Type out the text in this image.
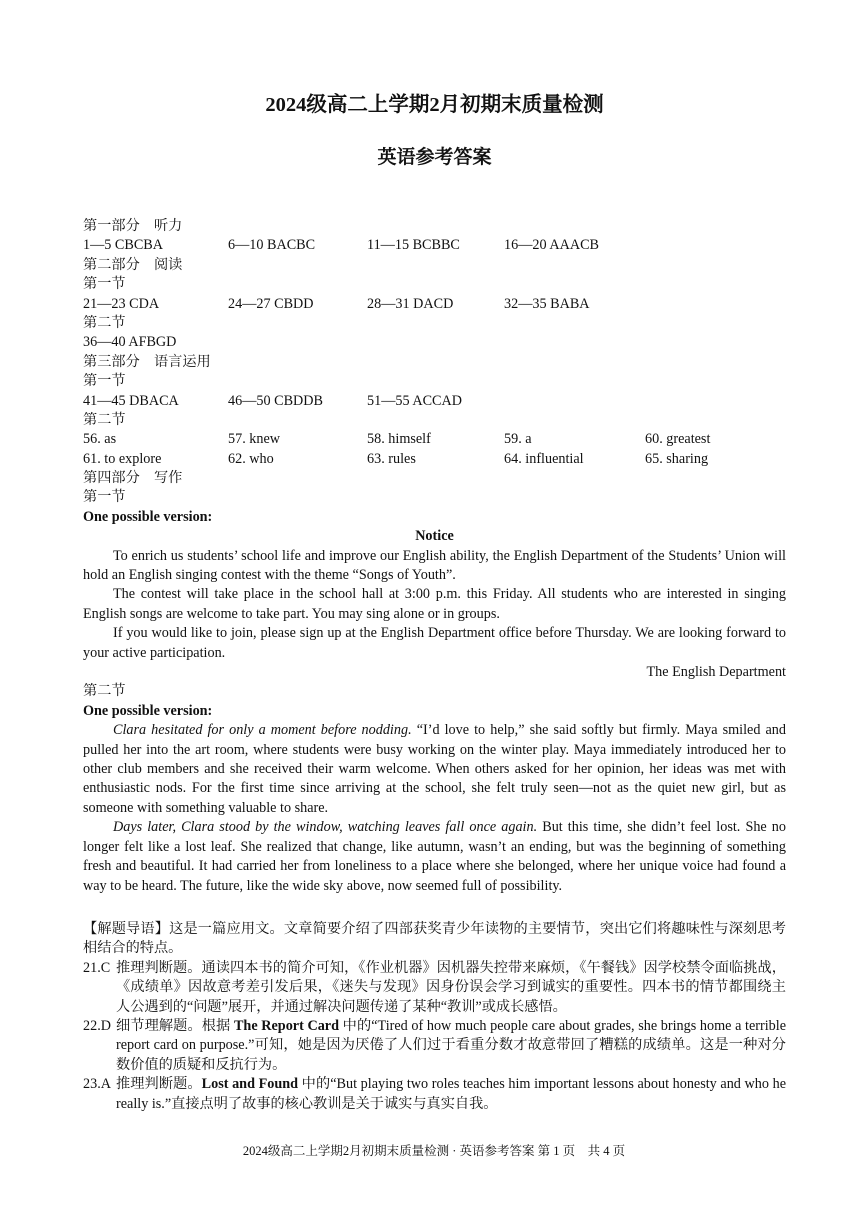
2024级高二上学期2月初期末质量检测
英语参考答案
第一部分　听力
1—5 CBCBA	6—10 BACBC	11—15 BCBBC	16—20 AAACB
第二部分　阅读
第一节
21—23 CDA	24—27 CBDD	28—31 DACD	32—35 BABA
第二节
36—40 AFBGD
第三部分　语言运用
第一节
41—45 DBACA	46—50 CBDDB	51—55 ACCAD
第二节
56. as	57. knew	58. himself	59. a	60. greatest
61. to explore	62. who	63. rules	64. influential	65. sharing
第四部分　写作
第一节
One possible version:
Notice

To enrich us students’ school life and improve our English ability, the English Department of the Students’ Union will hold an English singing contest with the theme “Songs of Youth”.

The contest will take place in the school hall at 3:00 p.m. this Friday. All students who are interested in singing English songs are welcome to take part. You may sing alone or in groups.

If you would like to join, please sign up at the English Department office before Thursday. We are looking forward to your active participation.

The English Department
第二节
One possible version:

Clara hesitated for only a moment before nodding. “I’d love to help,” she said softly but firmly. Maya smiled and pulled her into the art room, where students were busy working on the winter play. Maya immediately introduced her to other club members and she received their warm welcome. When others asked for her opinion, her ideas was met with enthusiastic nods. For the first time since arriving at the school, she felt truly seen—not as the quiet new girl, but as someone with something valuable to share.

Days later, Clara stood by the window, watching leaves fall once again. But this time, she didn’t feel lost. She no longer felt like a lost leaf. She realized that change, like autumn, wasn’t an ending, but was the beginning of something fresh and beautiful. It had carried her from loneliness to a place where she belonged, where her unique voice had found a way to be heard. The future, like the wide sky above, now seemed full of possibility.

【解题导语】这是一篇应用文。文章简要介绍了四部获奖青少年读物的主要情节，突出它们将趣味性与深刻思考相结合的特点。

21.C 推理判断题。通读四本书的简介可知，《作业机器》因机器失控带来麻烦，《午餐钱》因学校禁令面临挑战，《成绩单》因故意考差引发后果，《迷失与发现》因身份误会学习到诚实的重要性。四本书的情节都围绕主人公遇到的“问题”展开，并通过解决问题传递了某种“教训”或成长感悟。
22.D 细节理解题。根据 The Report Card 中的“Tired of how much people care about grades, she brings home a terrible report card on purpose.”可知，她是因为厌倦了人们过于看重分数才故意带回了糟糕的成绩单。这是一种对分数价值的质疑和反抗行为。
23.A 推理判断题。Lost and Found 中的“But playing two roles teaches him important lessons about honesty and who he really is.”直接点明了故事的核心教训是关于诚实与真实自我。
2024级高二上学期2月初期末质量检测 · 英语参考答案 第 1 页　共 4 页
